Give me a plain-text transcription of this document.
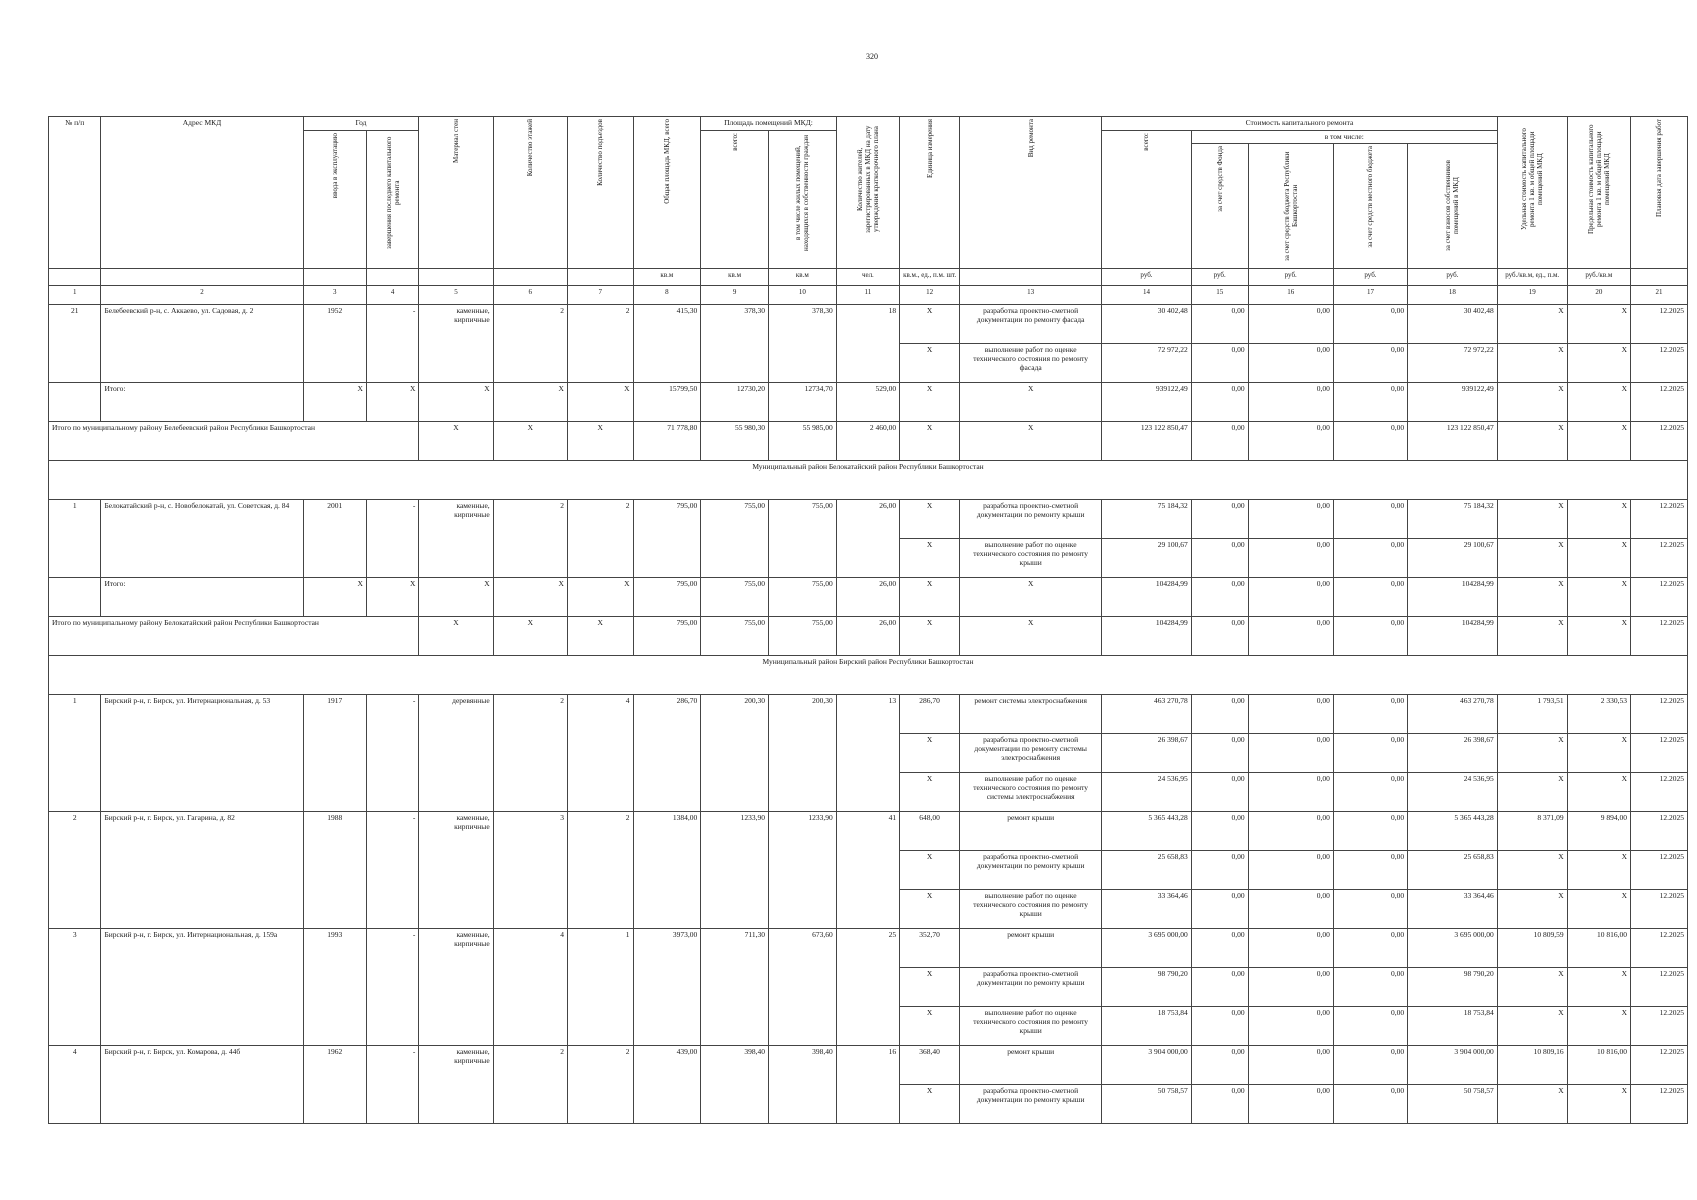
320
№ п/п	Адрес МКД	Год		Материал стен	Количество этажей	Количество подъездов	Общая площадь МКД, всего	Площадь помещений МКД:		Количество жителей, зарегистрированных в МКД на дату утверждения краткосрочного плана	Единица измерения	Вид ремонта	Стоимость капитального ремонта					Удельная стоимость капитального ремонта 1 кв. м общей площади помещений МКД	Предельная стоимость капитального ремонта 1 кв. м общей площади помещений МКД	Плановая дата завершения работ

		ввода в эксплуатацию	завершения последнего капитального ремонта					всего:	в том числе жилых помещений, находящихся в собственности граждан				всего:	в том числе:						

														за счет средств Фонда	за счет средств бюджета Республики Башкортостан	за счет средств местного бюджета	за счет взносов собственников помещений в МКД			

							кв.м	кв.м	кв.м	чел.	кв.м., ед., п.м. шт.		руб.	руб.	руб.	руб.	руб.	руб./кв.м, ед., п.м.	руб./кв.м	
1	2	3	4	5	6	7	8	9	10	11	12	13	14	15	16	17	18	19	20	21
21	Белебеевский р-н, с. Аккаево, ул. Садовая, д. 2	1952	-	каменные, кирпичные	2	2	415,30	378,30	378,30	18	X	разработка проектно-сметной документации по ремонту фасада	30 402,48	0,00	0,00	0,00	30 402,48	X	X	12.2025
											X	выполнение работ по оценке технического состояния по ремонту фасада	72 972,22	0,00	0,00	0,00	72 972,22	X	X	12.2025
	Итого:	X	X	X	X	X	15799,50	12730,20	12734,70	529,00	X	X	939122,49	0,00	0,00	0,00	939122,49	X	X	12.2025
Итого по муниципальному району Белебеевский район Республики Башкортостан				X	X	X	71 778,80	55 980,30	55 985,00	2 460,00	X	X	123 122 850,47	0,00	0,00	0,00	123 122 850,47	X	X	12.2025
Муниципальный район Белокатайский район Республики Башкортостан																				
1	Белокатайский р-н, с. Новобелокатай, ул. Советская, д. 84	2001	-	каменные, кирпичные	2	2	795,00	755,00	755,00	26,00	X	разработка проектно-сметной документации по ремонту крыши	75 184,32	0,00	0,00	0,00	75 184,32	X	X	12.2025
											X	выполнение работ по оценке технического состояния по ремонту крыши	29 100,67	0,00	0,00	0,00	29 100,67	X	X	12.2025
	Итого:	X	X	X	X	X	795,00	755,00	755,00	26,00	X	X	104284,99	0,00	0,00	0,00	104284,99	X	X	12.2025
Итого по муниципальному району Белокатайский район Республики Башкортостан				X	X	X	795,00	755,00	755,00	26,00	X	X	104284,99	0,00	0,00	0,00	104284,99	X	X	12.2025
Муниципальный район Бирский район Республики Башкортостан																				
1	Бирский р-н, г. Бирск, ул. Интернациональная, д. 53	1917	-	деревянные	2	4	286,70	200,30	200,30	13	286,70	ремонт системы электроснабжения	463 270,78	0,00	0,00	0,00	463 270,78	1 793,51	2 330,53	12.2025
											X	разработка проектно-сметной документации по ремонту системы электроснабжения	26 398,67	0,00	0,00	0,00	26 398,67	X	X	12.2025
											X	выполнение работ по оценке технического состояния по ремонту системы электроснабжения	24 536,95	0,00	0,00	0,00	24 536,95	X	X	12.2025
2	Бирский р-н, г. Бирск, ул. Гагарина, д. 82	1988	-	каменные, кирпичные	3	2	1384,00	1233,90	1233,90	41	648,00	ремонт крыши	5 365 443,28	0,00	0,00	0,00	5 365 443,28	8 371,09	9 894,00	12.2025
											X	разработка проектно-сметной документации по ремонту крыши	25 658,83	0,00	0,00	0,00	25 658,83	X	X	12.2025
											X	выполнение работ по оценке технического состояния по ремонту крыши	33 364,46	0,00	0,00	0,00	33 364,46	X	X	12.2025
3	Бирский р-н, г. Бирск, ул. Интернациональная, д. 159а	1993	-	каменные, кирпичные	4	1	3973,00	711,30	673,60	25	352,70	ремонт крыши	3 695 000,00	0,00	0,00	0,00	3 695 000,00	10 809,59	10 816,00	12.2025
											X	разработка проектно-сметной документации по ремонту крыши	98 790,20	0,00	0,00	0,00	98 790,20	X	X	12.2025
											X	выполнение работ по оценке технического состояния по ремонту крыши	18 753,84	0,00	0,00	0,00	18 753,84	X	X	12.2025
4	Бирский р-н, г. Бирск, ул. Комарова, д. 44б	1962	-	каменные, кирпичные	2	2	439,00	398,40	398,40	16	368,40	ремонт крыши	3 904 000,00	0,00	0,00	0,00	3 904 000,00	10 809,16	10 816,00	12.2025
											X	разработка проектно-сметной документации по ремонту крыши	50 758,57	0,00	0,00	0,00	50 758,57	X	X	12.2025
